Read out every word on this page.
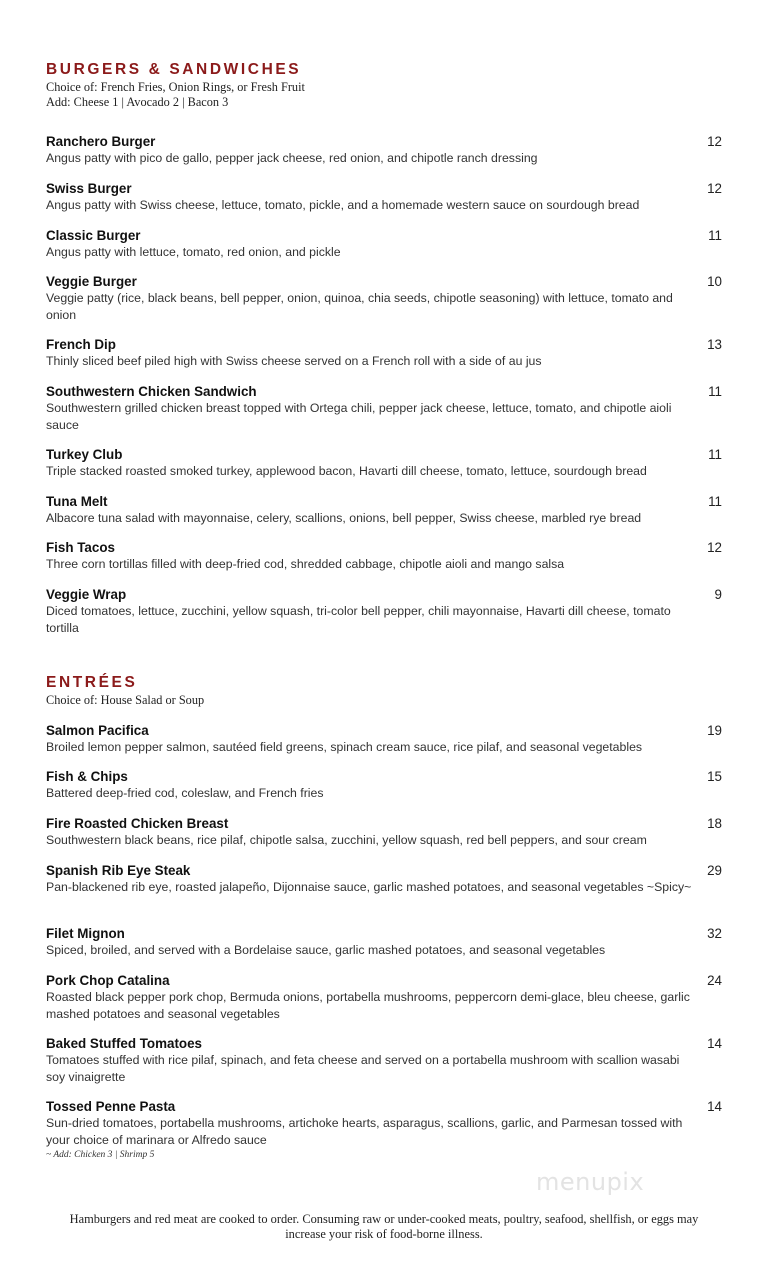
BURGERS & SANDWICHES
Choice of: French Fries, Onion Rings, or Fresh Fruit
Add: Cheese 1 | Avocado 2 | Bacon 3
Ranchero Burger
Angus patty with pico de gallo, pepper jack cheese, red onion, and chipotle ranch dressing
12
Swiss Burger
Angus patty with Swiss cheese, lettuce, tomato, pickle, and a homemade western sauce on sourdough bread
12
Classic Burger
Angus patty with lettuce, tomato, red onion, and pickle
11
Veggie Burger
Veggie patty (rice, black beans, bell pepper, onion, quinoa, chia seeds, chipotle seasoning) with lettuce, tomato and onion
10
French Dip
Thinly sliced beef piled high with Swiss cheese served on a French roll with a side of au jus
13
Southwestern Chicken Sandwich
Southwestern grilled chicken breast topped with Ortega chili, pepper jack cheese, lettuce, tomato, and chipotle aioli sauce
11
Turkey Club
Triple stacked roasted smoked turkey, applewood bacon, Havarti dill cheese, tomato, lettuce, sourdough bread
11
Tuna Melt
Albacore tuna salad with mayonnaise, celery, scallions, onions, bell pepper, Swiss cheese, marbled rye bread
11
Fish Tacos
Three corn tortillas filled with deep-fried cod, shredded cabbage, chipotle aioli and mango salsa
12
Veggie Wrap
Diced tomatoes, lettuce, zucchini, yellow squash, tri-color bell pepper, chili mayonnaise, Havarti dill cheese, tomato tortilla
9
ENTRÉES
Choice of: House Salad or Soup
Salmon Pacifica
Broiled lemon pepper salmon, sautéed field greens, spinach cream sauce, rice pilaf, and seasonal vegetables
19
Fish & Chips
Battered deep-fried cod, coleslaw, and French fries
15
Fire Roasted Chicken Breast
Southwestern black beans, rice pilaf, chipotle salsa, zucchini, yellow squash, red bell peppers, and sour cream
18
Spanish Rib Eye Steak
Pan-blackened rib eye, roasted jalapeño, Dijonnaise sauce, garlic mashed potatoes, and seasonal vegetables ~Spicy~
29
Filet Mignon
Spiced, broiled, and served with a Bordelaise sauce, garlic mashed potatoes, and seasonal vegetables
32
Pork Chop Catalina
Roasted black pepper pork chop, Bermuda onions, portabella mushrooms, peppercorn demi-glace, bleu cheese, garlic mashed potatoes and seasonal vegetables
24
Baked Stuffed Tomatoes
Tomatoes stuffed with rice pilaf, spinach, and feta cheese and served on a portabella mushroom with scallion wasabi soy vinaigrette
14
Tossed Penne Pasta
Sun-dried tomatoes, portabella mushrooms, artichoke hearts, asparagus, scallions, garlic, and Parmesan tossed with your choice of marinara or Alfredo sauce
~ Add: Chicken 3 | Shrimp 5
14
menupix
Hamburgers and red meat are cooked to order. Consuming raw or under-cooked meats, poultry, seafood, shellfish, or eggs may
increase your risk of food-borne illness.
